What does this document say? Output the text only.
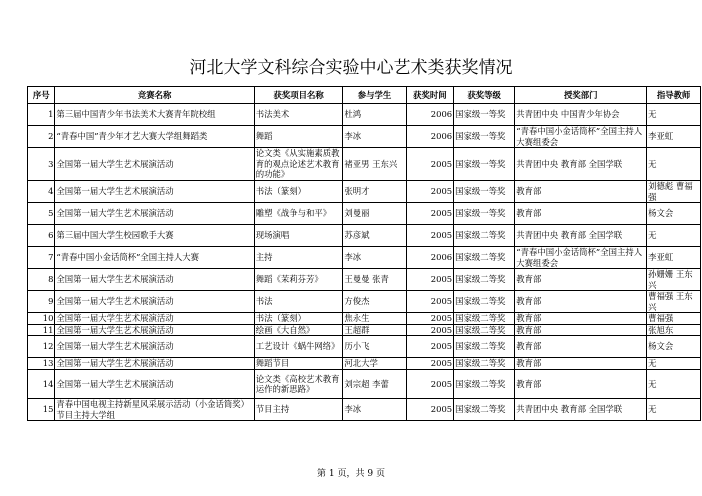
河北大学文科综合实验中心艺术类获奖情况
序号	竞赛名称	获奖项目名称	参与学生	获奖时间	获奖等级	授奖部门	指导教师
1	第三届中国青少年书法美术大赛青年院校组	书法美术	杜鸿	2006	国家级一等奖	共青团中央 中国青少年协会	无
2	“青春中国”青少年才艺大赛大学组舞蹈类	舞蹈	李冰	2006	国家级一等奖	“青春中国小金话筒杯”全国主持人大赛组委会	李亚虹
3	全国第一届大学生艺术展演活动	论文类《从实施素质教育的观点论述艺术教育的功能》	褚亚男 王东兴	2005	国家级一等奖	共青团中央 教育部 全国学联	无
4	全国第一届大学生艺术展演活动	书法（篆刻）	张明才	2005	国家级一等奖	教育部	刘德彪 曹福强
5	全国第一届大学生艺术展演活动	雕塑《战争与和平》	刘曼丽	2005	国家级一等奖	教育部	杨文会
6	第三届中国大学生校园歌手大赛	现场演唱	苏彦斌	2005	国家级二等奖	共青团中央 教育部 全国学联	无
7	“青春中国小金话筒杯”全国主持人大赛	主持	李冰	2006	国家级二等奖	“青春中国小金话筒杯”全国主持人大赛组委会	李亚虹
8	全国第一届大学生艺术展演活动	舞蹈《茉莉芬芳》	王曼曼 张青	2005	国家级二等奖	教育部	孙姗姗 王东兴
9	全国第一届大学生艺术展演活动	书法	方俊杰	2005	国家级二等奖	教育部	曹福强 王东兴
10	全国第一届大学生艺术展演活动	书法（篆刻）	焦永生	2005	国家级二等奖	教育部	曹福强
11	全国第一届大学生艺术展演活动	绘画《大自然》	王超群	2005	国家级二等奖	教育部	张旭东
12	全国第一届大学生艺术展演活动	工艺设计《蜗牛网络》	历小飞	2005	国家级二等奖	教育部	杨文会
13	全国第一届大学生艺术展演活动	舞蹈节目	河北大学	2005	国家级二等奖	教育部	无
14	全国第一届大学生艺术展演活动	论文类《高校艺术教育运作的新思路》	刘宗超 李蕾	2005	国家级二等奖	教育部	无
15	青春中国电视主持新星风采展示活动（小金话筒奖）节目主持大学组	节目主持	李冰	2005	国家级二等奖	共青团中央 教育部 全国学联	无
第 1 页，共 9 页
